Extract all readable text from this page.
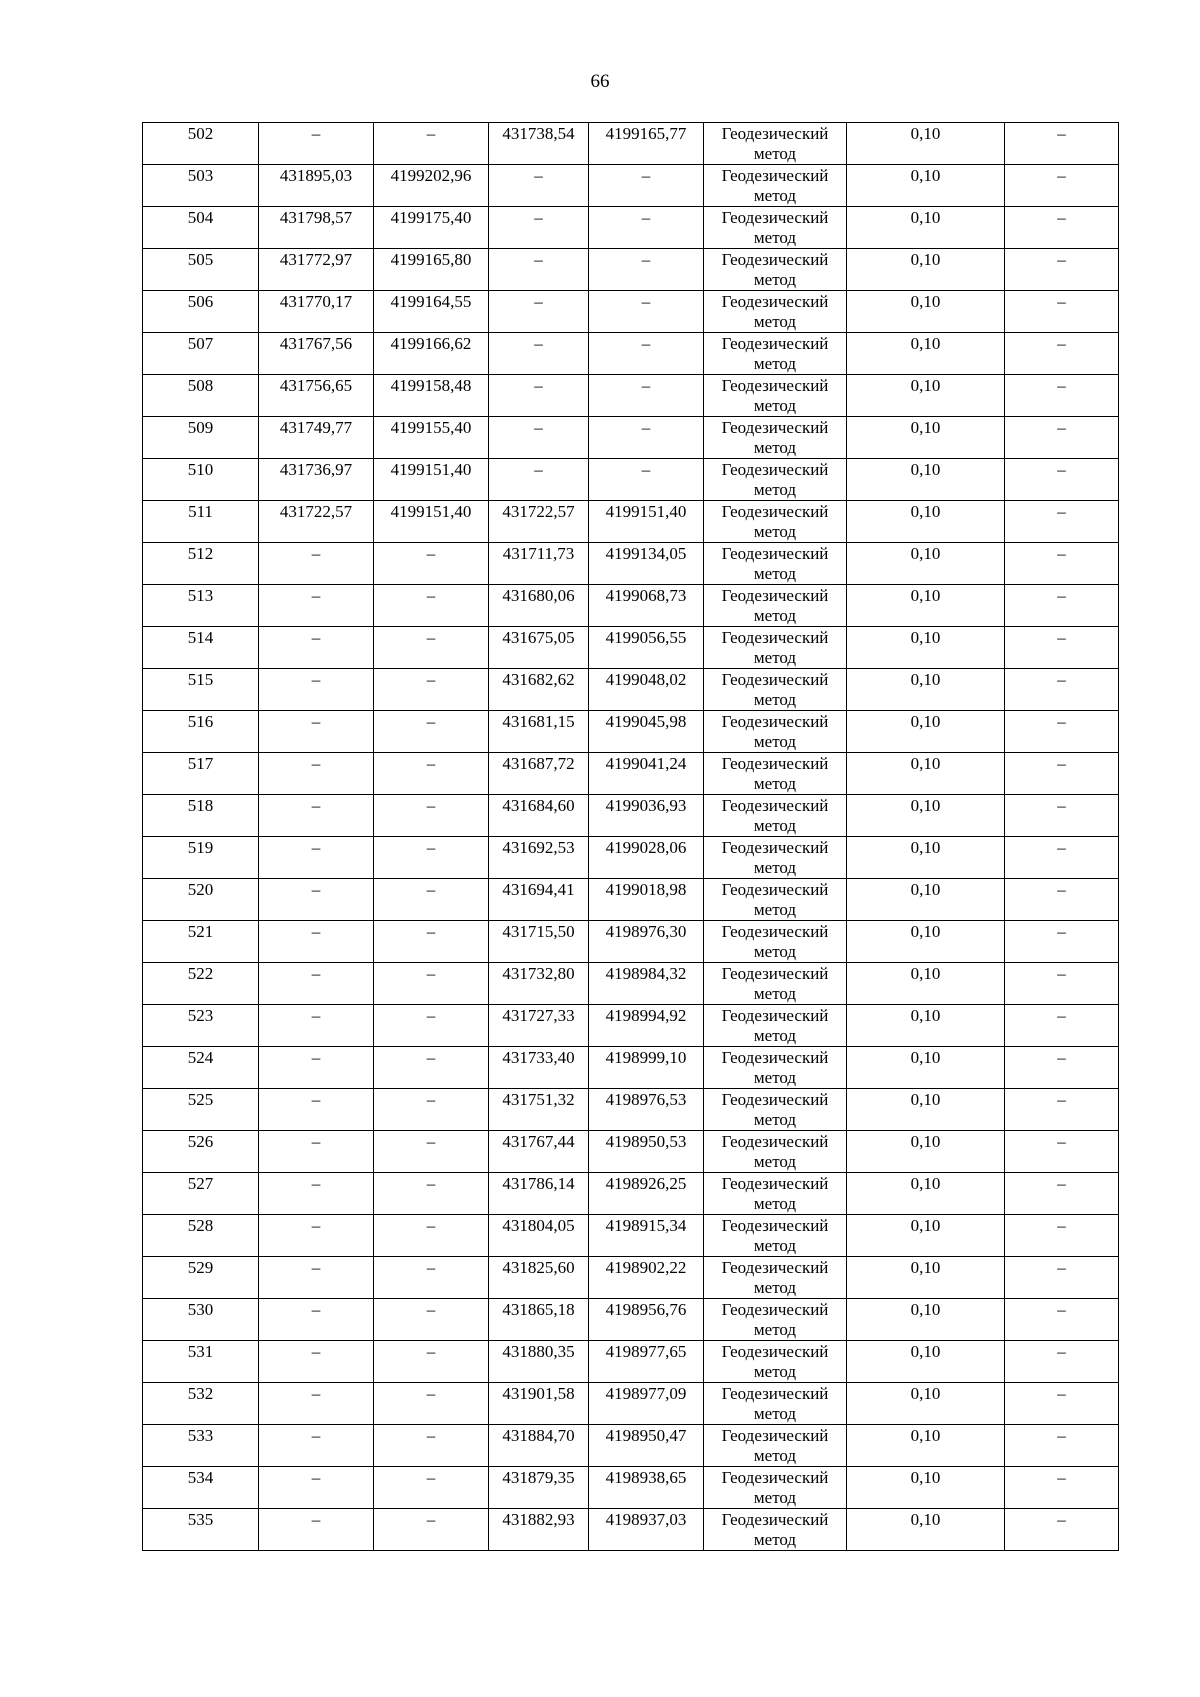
66
502	–	–	431738,54	4199165,77	Геодезический метод	0,10	–

503	431895,03	4199202,96	–	–	Геодезический метод	0,10	–

504	431798,57	4199175,40	–	–	Геодезический метод	0,10	–

505	431772,97	4199165,80	–	–	Геодезический метод	0,10	–

506	431770,17	4199164,55	–	–	Геодезический метод	0,10	–

507	431767,56	4199166,62	–	–	Геодезический метод	0,10	–

508	431756,65	4199158,48	–	–	Геодезический метод	0,10	–

509	431749,77	4199155,40	–	–	Геодезический метод	0,10	–

510	431736,97	4199151,40	–	–	Геодезический метод	0,10	–

511	431722,57	4199151,40	431722,57	4199151,40	Геодезический метод	0,10	–

512	–	–	431711,73	4199134,05	Геодезический метод	0,10	–

513	–	–	431680,06	4199068,73	Геодезический метод	0,10	–

514	–	–	431675,05	4199056,55	Геодезический метод	0,10	–

515	–	–	431682,62	4199048,02	Геодезический метод	0,10	–

516	–	–	431681,15	4199045,98	Геодезический метод	0,10	–

517	–	–	431687,72	4199041,24	Геодезический метод	0,10	–

518	–	–	431684,60	4199036,93	Геодезический метод	0,10	–

519	–	–	431692,53	4199028,06	Геодезический метод	0,10	–

520	–	–	431694,41	4199018,98	Геодезический метод	0,10	–

521	–	–	431715,50	4198976,30	Геодезический метод	0,10	–

522	–	–	431732,80	4198984,32	Геодезический метод	0,10	–

523	–	–	431727,33	4198994,92	Геодезический метод	0,10	–

524	–	–	431733,40	4198999,10	Геодезический метод	0,10	–

525	–	–	431751,32	4198976,53	Геодезический метод	0,10	–

526	–	–	431767,44	4198950,53	Геодезический метод	0,10	–

527	–	–	431786,14	4198926,25	Геодезический метод	0,10	–

528	–	–	431804,05	4198915,34	Геодезический метод	0,10	–

529	–	–	431825,60	4198902,22	Геодезический метод	0,10	–

530	–	–	431865,18	4198956,76	Геодезический метод	0,10	–

531	–	–	431880,35	4198977,65	Геодезический метод	0,10	–

532	–	–	431901,58	4198977,09	Геодезический метод	0,10	–

533	–	–	431884,70	4198950,47	Геодезический метод	0,10	–

534	–	–	431879,35	4198938,65	Геодезический метод	0,10	–

535	–	–	431882,93	4198937,03	Геодезический метод	0,10	–
